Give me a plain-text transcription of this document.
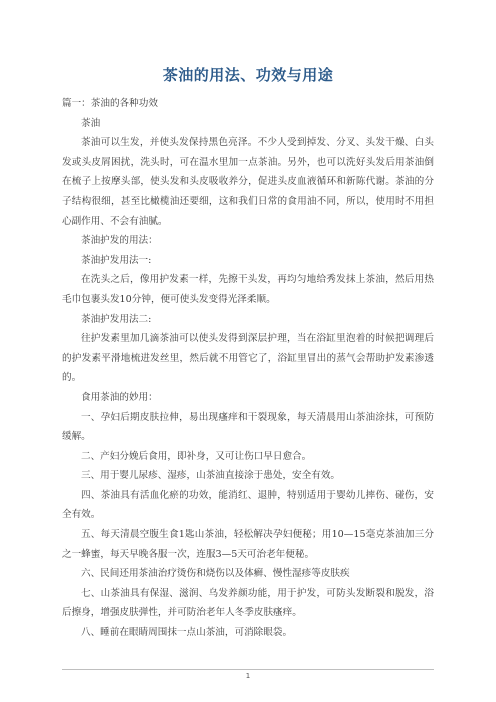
茶油的用法、功效与用途

篇一：茶油的各种功效

茶油

茶油可以生发，并使头发保持黑色亮泽。不少人受到掉发、分叉、头发干燥、白头发或头皮屑困扰，洗头时，可在温水里加一点茶油。另外，也可以洗好头发后用茶油倒在梳子上按摩头部，使头发和头皮吸收养分，促进头皮血液循环和新陈代谢。茶油的分子结构很细，甚至比橄榄油还要细，这和我们日常的食用油不同，所以，使用时不用担心副作用、不会有油腻。

茶油护发的用法：

茶油护发用法一:

在洗头之后，像用护发素一样，先擦干头发，再均匀地给秀发抹上茶油，然后用热毛巾包裹头发10分钟，便可使头发变得光泽柔顺。

茶油护发用法二:

往护发素里加几滴茶油可以使头发得到深层护理，当在浴缸里泡着的时候把调理后的护发素平滑地梳进发丝里，然后就不用管它了，浴缸里冒出的蒸气会帮助护发素渗透的。

食用茶油的妙用：

一、孕妇后期皮肤拉伸，易出现瘙痒和干裂现象，每天清晨用山茶油涂抹，可预防缓解。

二、产妇分娩后食用，即补身，又可让伤口早日愈合。

三、用于婴儿尿疹、湿疹，山茶油直接涂于患处，安全有效。

四、茶油具有活血化瘀的功效，能消红、退肿，特别适用于婴幼儿摔伤、碰伤，安全有效。

五、每天清晨空腹生食1匙山茶油，轻松解决孕妇便秘；用10—15毫克茶油加三分之一蜂蜜，每天早晚各服一次，连服3—5天可治老年便秘。

六、民间还用茶油治疗烫伤和烧伤以及体癣、慢性湿疹等皮肤疾

七、山茶油具有保湿、滋润、乌发养颜功能，用于护发，可防头发断裂和脱发，浴后擦身，增强皮肤弹性，并可防治老年人冬季皮肤瘙痒。

八、睡前在眼睛周围抹一点山茶油，可消除眼袋。

1
